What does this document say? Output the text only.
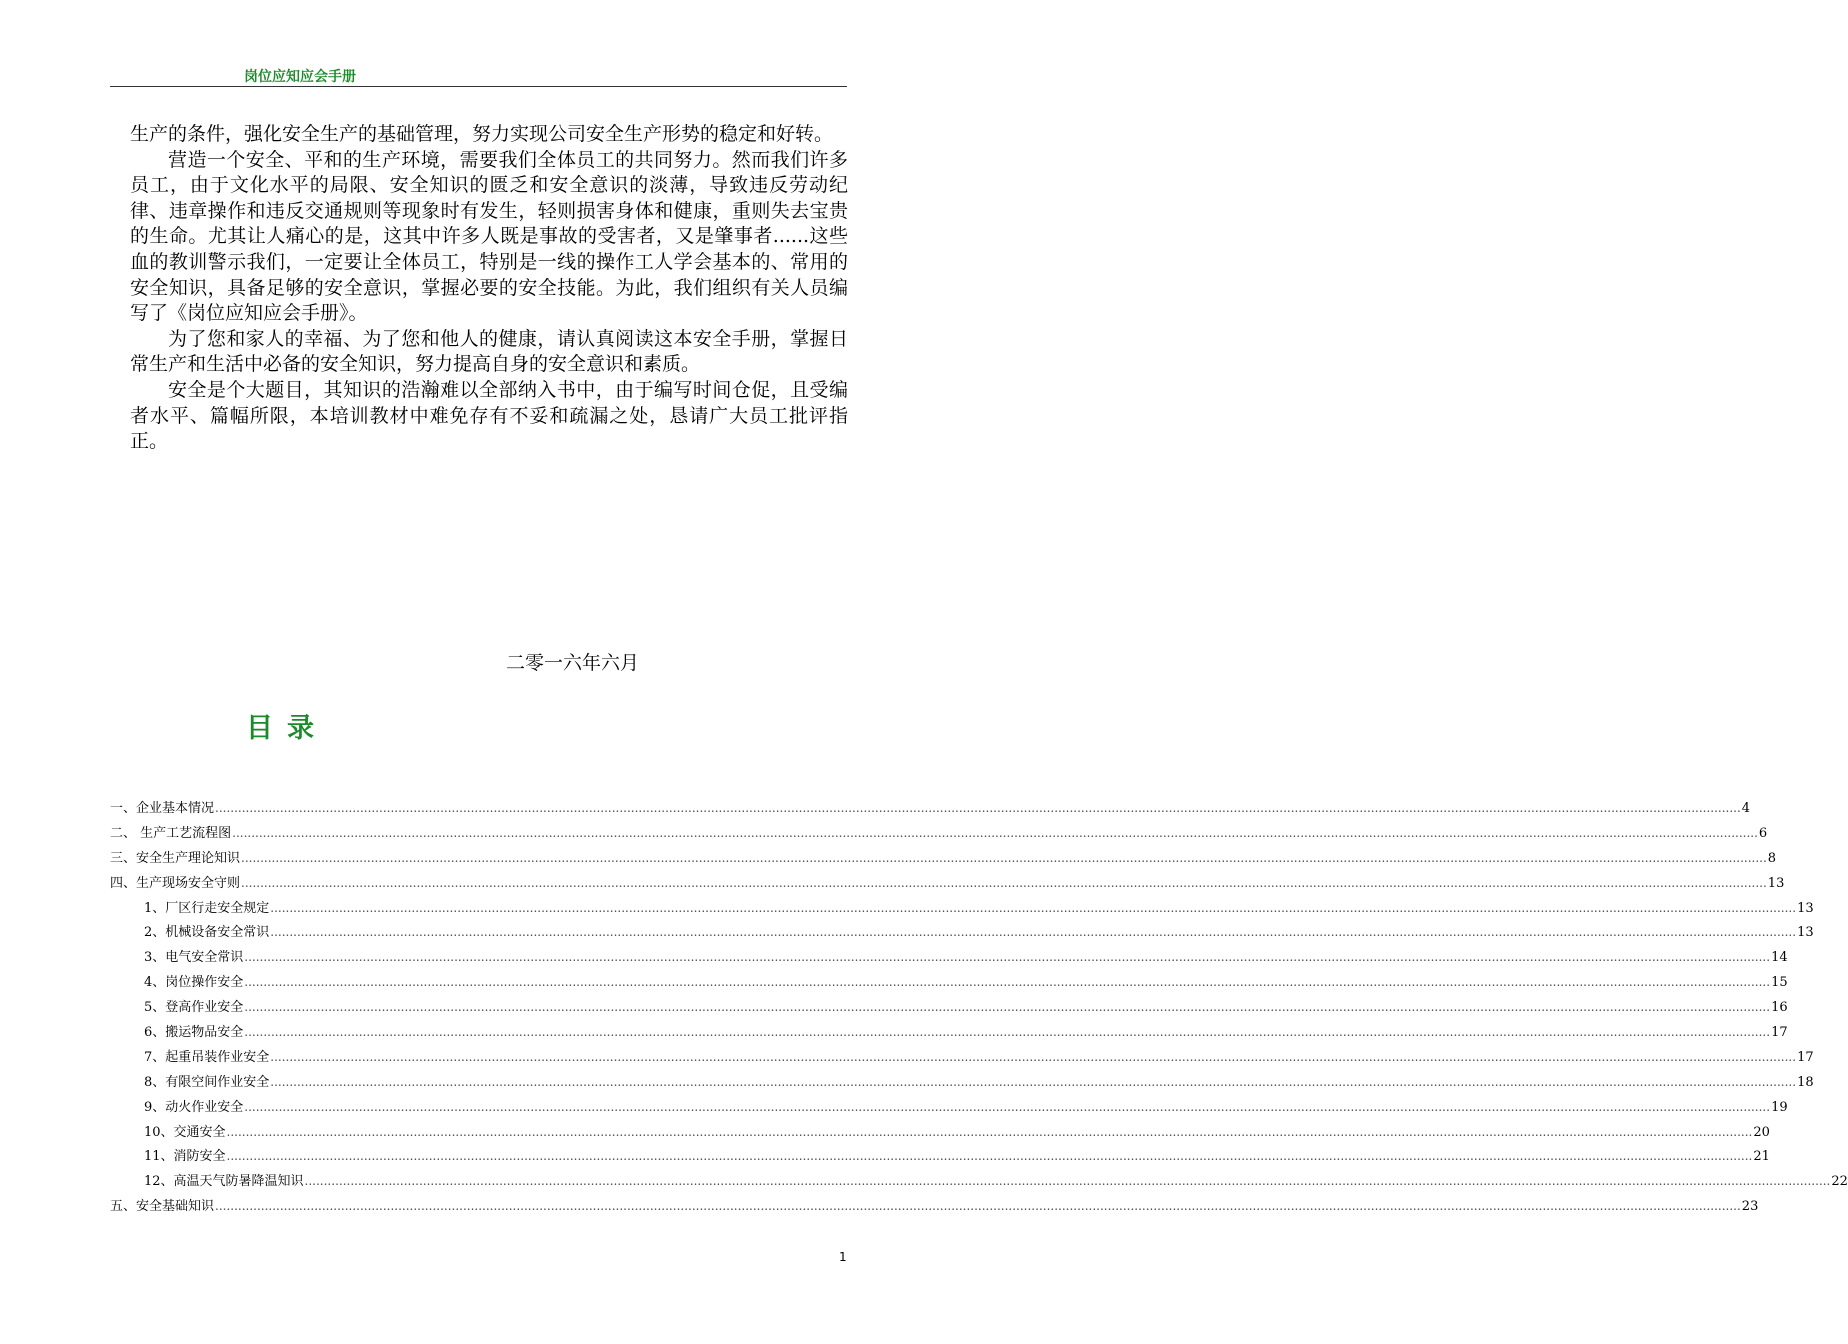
岗位应知应会手册

生产的条件，强化安全生产的基础管理，努力实现公司安全生产形势的稳定和好转。

营造一个安全、平和的生产环境，需要我们全体员工的共同努力。然而我们许多员工，由于文化水平的局限、安全知识的匮乏和安全意识的淡薄，导致违反劳动纪律、违章操作和违反交通规则等现象时有发生，轻则损害身体和健康，重则失去宝贵的生命。尤其让人痛心的是，这其中许多人既是事故的受害者，又是肇事者......这些血的教训警示我们，一定要让全体员工，特别是一线的操作工人学会基本的、常用的安全知识，具备足够的安全意识，掌握必要的安全技能。为此，我们组织有关人员编写了《岗位应知应会手册》。

为了您和家人的幸福、为了您和他人的健康，请认真阅读这本安全手册，掌握日常生产和生活中必备的安全知识，努力提高自身的安全意识和素质。

安全是个大题目，其知识的浩瀚难以全部纳入书中，由于编写时间仓促，且受编者水平、篇幅所限，本培训教材中难免存有不妥和疏漏之处，恳请广大员工批评指正。

二零一六年六月
目录
一、企业基本情况 ................................................................................................................................................................................................................................................................................................................................................................................................................ 4
二、 生产工艺流程图 ................................................................................................................................................................................................................................................................................................................................................................................................................ 6
三、安全生产理论知识 ................................................................................................................................................................................................................................................................................................................................................................................................................ 8
四、生产现场安全守则 ................................................................................................................................................................................................................................................................................................................................................................................................................ 13
1、厂区行走安全规定 ................................................................................................................................................................................................................................................................................................................................................................................................................ 13
2、机械设备安全常识 ................................................................................................................................................................................................................................................................................................................................................................................................................ 13
3、电气安全常识 ................................................................................................................................................................................................................................................................................................................................................................................................................ 14
4、岗位操作安全 ................................................................................................................................................................................................................................................................................................................................................................................................................ 15
5、登高作业安全 ................................................................................................................................................................................................................................................................................................................................................................................................................ 16
6、搬运物品安全 ................................................................................................................................................................................................................................................................................................................................................................................................................ 17
7、起重吊装作业安全 ................................................................................................................................................................................................................................................................................................................................................................................................................ 17
8、有限空间作业安全 ................................................................................................................................................................................................................................................................................................................................................................................................................ 18
9、动火作业安全 ................................................................................................................................................................................................................................................................................................................................................................................................................ 19
10、交通安全 ................................................................................................................................................................................................................................................................................................................................................................................................................ 20
11、消防安全 ................................................................................................................................................................................................................................................................................................................................................................................................................ 21
12、高温天气防暑降温知识 ................................................................................................................................................................................................................................................................................................................................................................................................................ 22
五、安全基础知识 ................................................................................................................................................................................................................................................................................................................................................................................................................ 23
1
